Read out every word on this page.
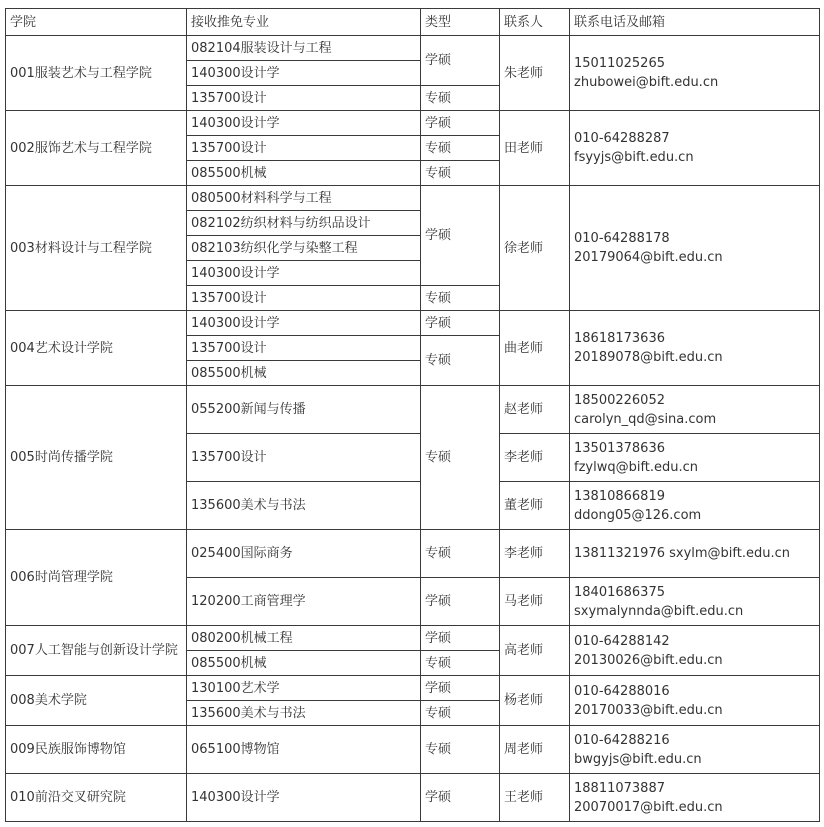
学院	接收推免专业	类型	联系人	联系电话及邮箱
001服装艺术与工程学院	082104服装设计与工程	学硕	朱老师	15011025265
zhubowei@bift.edu.cn

	140300设计学			
	135700设计	专硕		
002服饰艺术与工程学院	140300设计学	学硕	田老师	010-64288287
fsyyjs@bift.edu.cn

	135700设计	专硕		
	085500机械	专硕		
003材料设计与工程学院	080500材料科学与工程	学硕	徐老师	010-64288178
20179064@bift.edu.cn

	082102纺织材料与纺织品设计			
	082103纺织化学与染整工程			
	140300设计学			
	135700设计	专硕		
004艺术设计学院	140300设计学	学硕	曲老师	18618173636
20189078@bift.edu.cn

	135700设计	专硕		
	085500机械			
005时尚传播学院	055200新闻与传播	专硕	赵老师	18500226052
carolyn_qd@sina.com

	135700设计		李老师	13501378636
fzylwq@bift.edu.cn

	135600美术与书法		董老师	13810866819
ddong05@126.com

006时尚管理学院	025400国际商务	专硕	李老师	13811321976 sxylm@bift.edu.cn

	120200工商管理学	学硕	马老师	18401686375
sxymalynnda@bift.edu.cn

007人工智能与创新设计学院	080200机械工程	学硕	高老师	010-64288142
20130026@bift.edu.cn

	085500机械	专硕		
008美术学院	130100艺术学	学硕	杨老师	010-64288016
20170033@bift.edu.cn

	135600美术与书法	专硕		
009民族服饰博物馆	065100博物馆	专硕	周老师	010-64288216
bwgyjs@bift.edu.cn

010前沿交叉研究院	140300设计学	学硕	王老师	18811073887
20070017@bift.edu.cn
